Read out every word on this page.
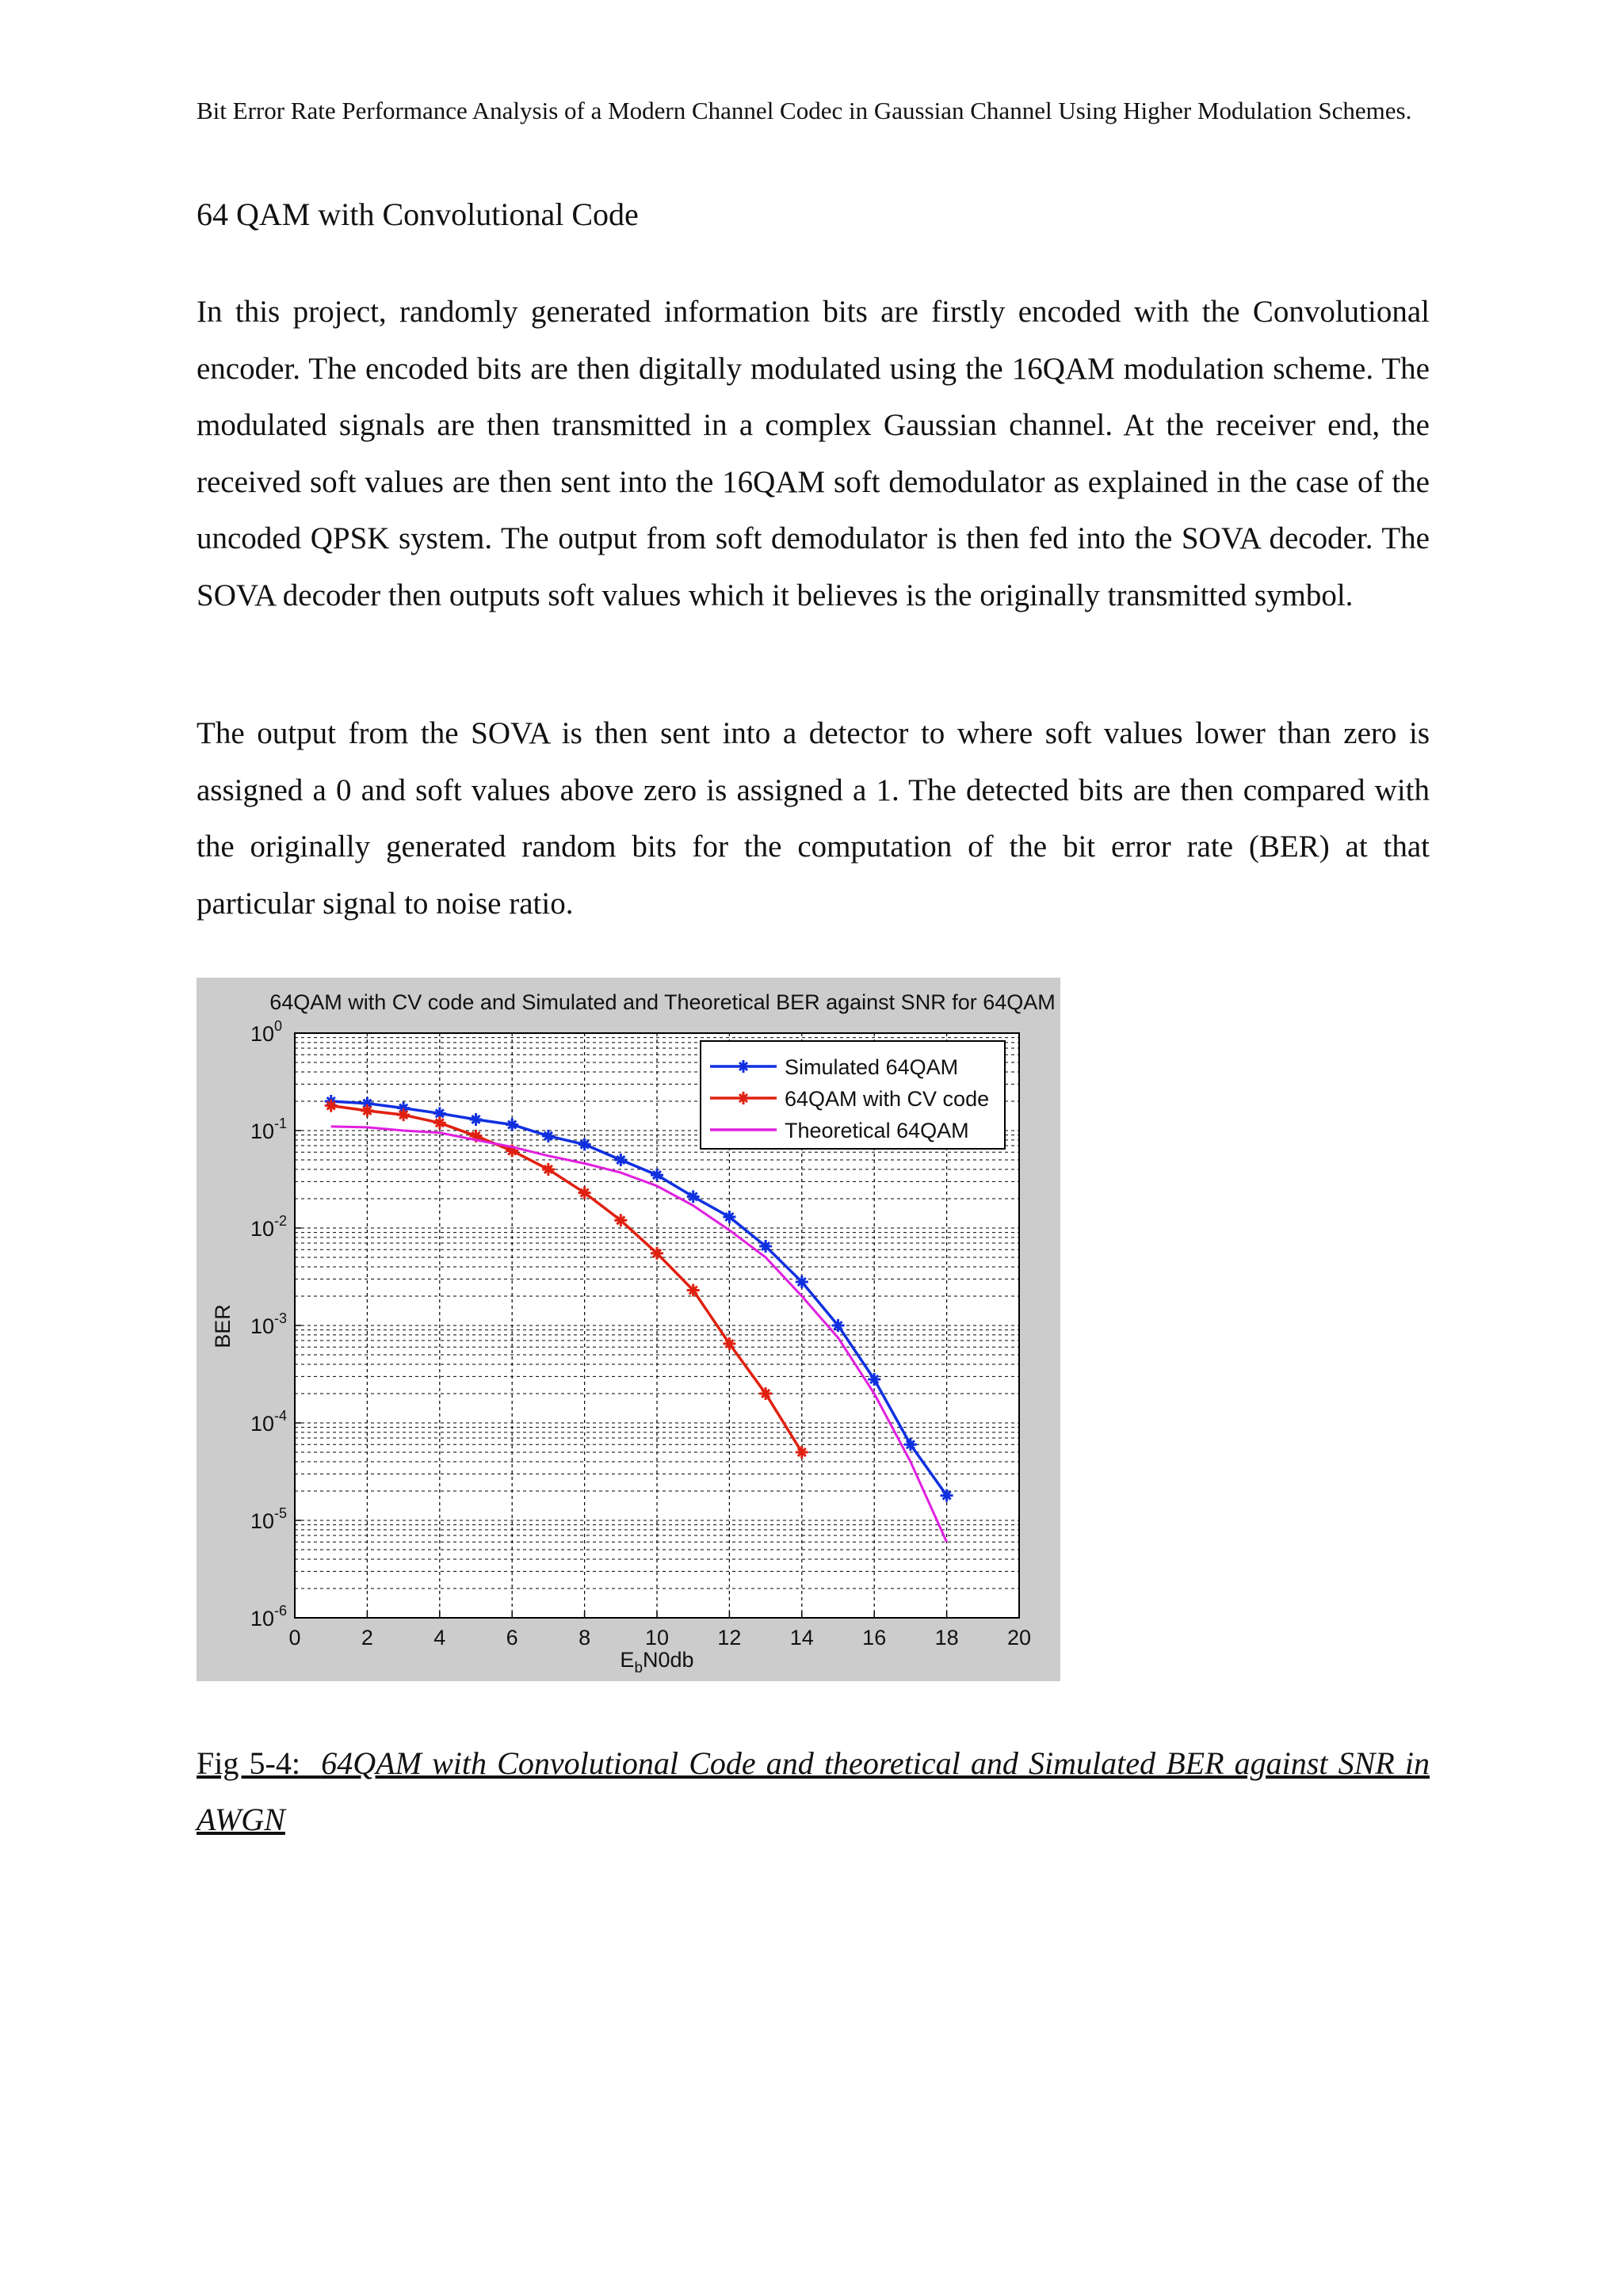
Bit Error Rate Performance Analysis of a Modern Channel Codec in Gaussian Channel Using Higher Modulation Schemes.
64 QAM with Convolutional Code

In this project, randomly generated information bits are firstly encoded with the Convolutional encoder. The encoded bits are then digitally modulated using the 16QAM modulation scheme. The modulated signals are then transmitted in a complex Gaussian channel. At the receiver end, the received soft values are then sent into the 16QAM soft demodulator as explained in the case of the uncoded QPSK system. The output from soft demodulator is then fed into the SOVA decoder. The SOVA decoder then outputs soft values which it believes is the originally transmitted symbol.

The output from the SOVA is then sent into a detector to where soft values lower than zero is assigned a 0 and soft values above zero is assigned a 1. The detected bits are then compared with the originally generated random bits for the computation of the bit error rate (BER) at that particular signal to noise ratio.

0	2	4	6	8	10 12 14 16 18 20
$10^0$
$10^{-1}$
$10^{-2}$
$10^{-3}$
$10^{-4}$
$10^{-5}$
$10^{-6}$
64QAM with CV code and Simulated and Theoretical BER against SNR for 64QAM
BER
$E_bN0db$
Simulated 64QAM
64QAM with CV code
Theoretical 64QAM
Fig 5-4: 64QAM with Convolutional Code and theoretical and Simulated BER against SNR in AWGN
